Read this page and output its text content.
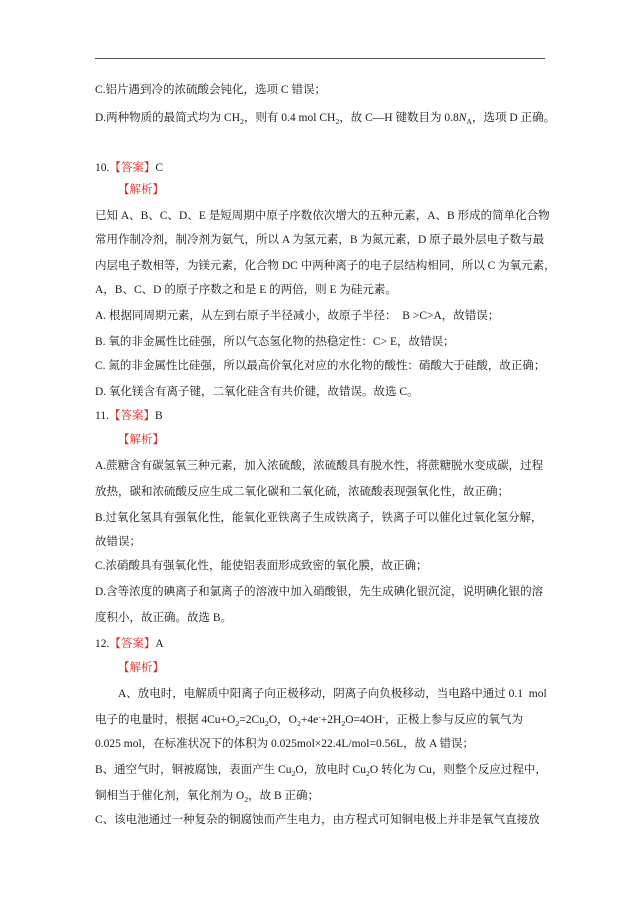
C.铝片遇到冷的浓硫酸会钝化，选项 C 错误；
D.两种物质的最简式均为 $CH_2$，则有 0.4 mol $CH_2$，故 C—H 键数目为 $0.8N_A$，选项 D 正确。
10.【答案】C
【解析】
已知 A、B、C、D、E 是短周期中原子序数依次增大的五种元素，A、B 形成的简单化合物
常用作制冷剂，制冷剂为氨气，所以 A 为氢元素，B 为氮元素，D 原子最外层电子数与最
内层电子数相等，为镁元素，化合物 DC 中两种离子的电子层结构相同，所以 C 为氧元素，
A，B、C、D 的原子序数之和是 E 的两倍，则 E 为硅元素。
A. 根据同周期元素，从左到右原子半径减小，故原子半径：  B >C>A，故错误；
B. 氧的非金属性比硅强，所以气态氢化物的热稳定性：C> E，故错误；
C. 氮的非金属性比硅强，所以最高价氧化对应的水化物的酸性：硝酸大于硅酸，故正确；
D. 氧化镁含有离子键，二氧化硅含有共价键，故错误。故选 C。
11.【答案】B
【解析】
A.蔗糖含有碳氢氧三种元素，加入浓硫酸，浓硫酸具有脱水性，将蔗糖脱水变成碳，过程
放热，碳和浓硫酸反应生成二氧化碳和二氧化硫，浓硫酸表现强氧化性，故正确；
B.过氧化氢具有强氧化性，能氧化亚铁离子生成铁离子，铁离子可以催化过氧化氢分解，
故错误；
C.浓硝酸具有强氧化性，能使铝表面形成致密的氧化膜，故正确；
D.含等浓度的碘离子和氯离子的溶液中加入硝酸银，先生成碘化银沉淀，说明碘化银的溶
度积小，故正确。故选 B。
12.【答案】A
【解析】
A、放电时，电解质中阳离子向正极移动，阴离子向负极移动，当电路中通过 0.1  mol
电子的电量时，根据 $4Cu+O_2=2Cu_2O$，$O_2+4e^-+2H_2O=4OH^-$，正极上参与反应的氧气为
0.025 mol，在标准状况下的体积为 0.025mol×22.4L/mol=0.56L，故 A 错误；
B、通空气时，铜被腐蚀，表面产生 $Cu_2O$，放电时 $Cu_2O$ 转化为 Cu，则整个反应过程中，
铜相当于催化剂，氧化剂为 $O_2$，故 B 正确；
C、该电池通过一种复杂的铜腐蚀而产生电力，由方程式可知铜电极上并非是氧气直接放
